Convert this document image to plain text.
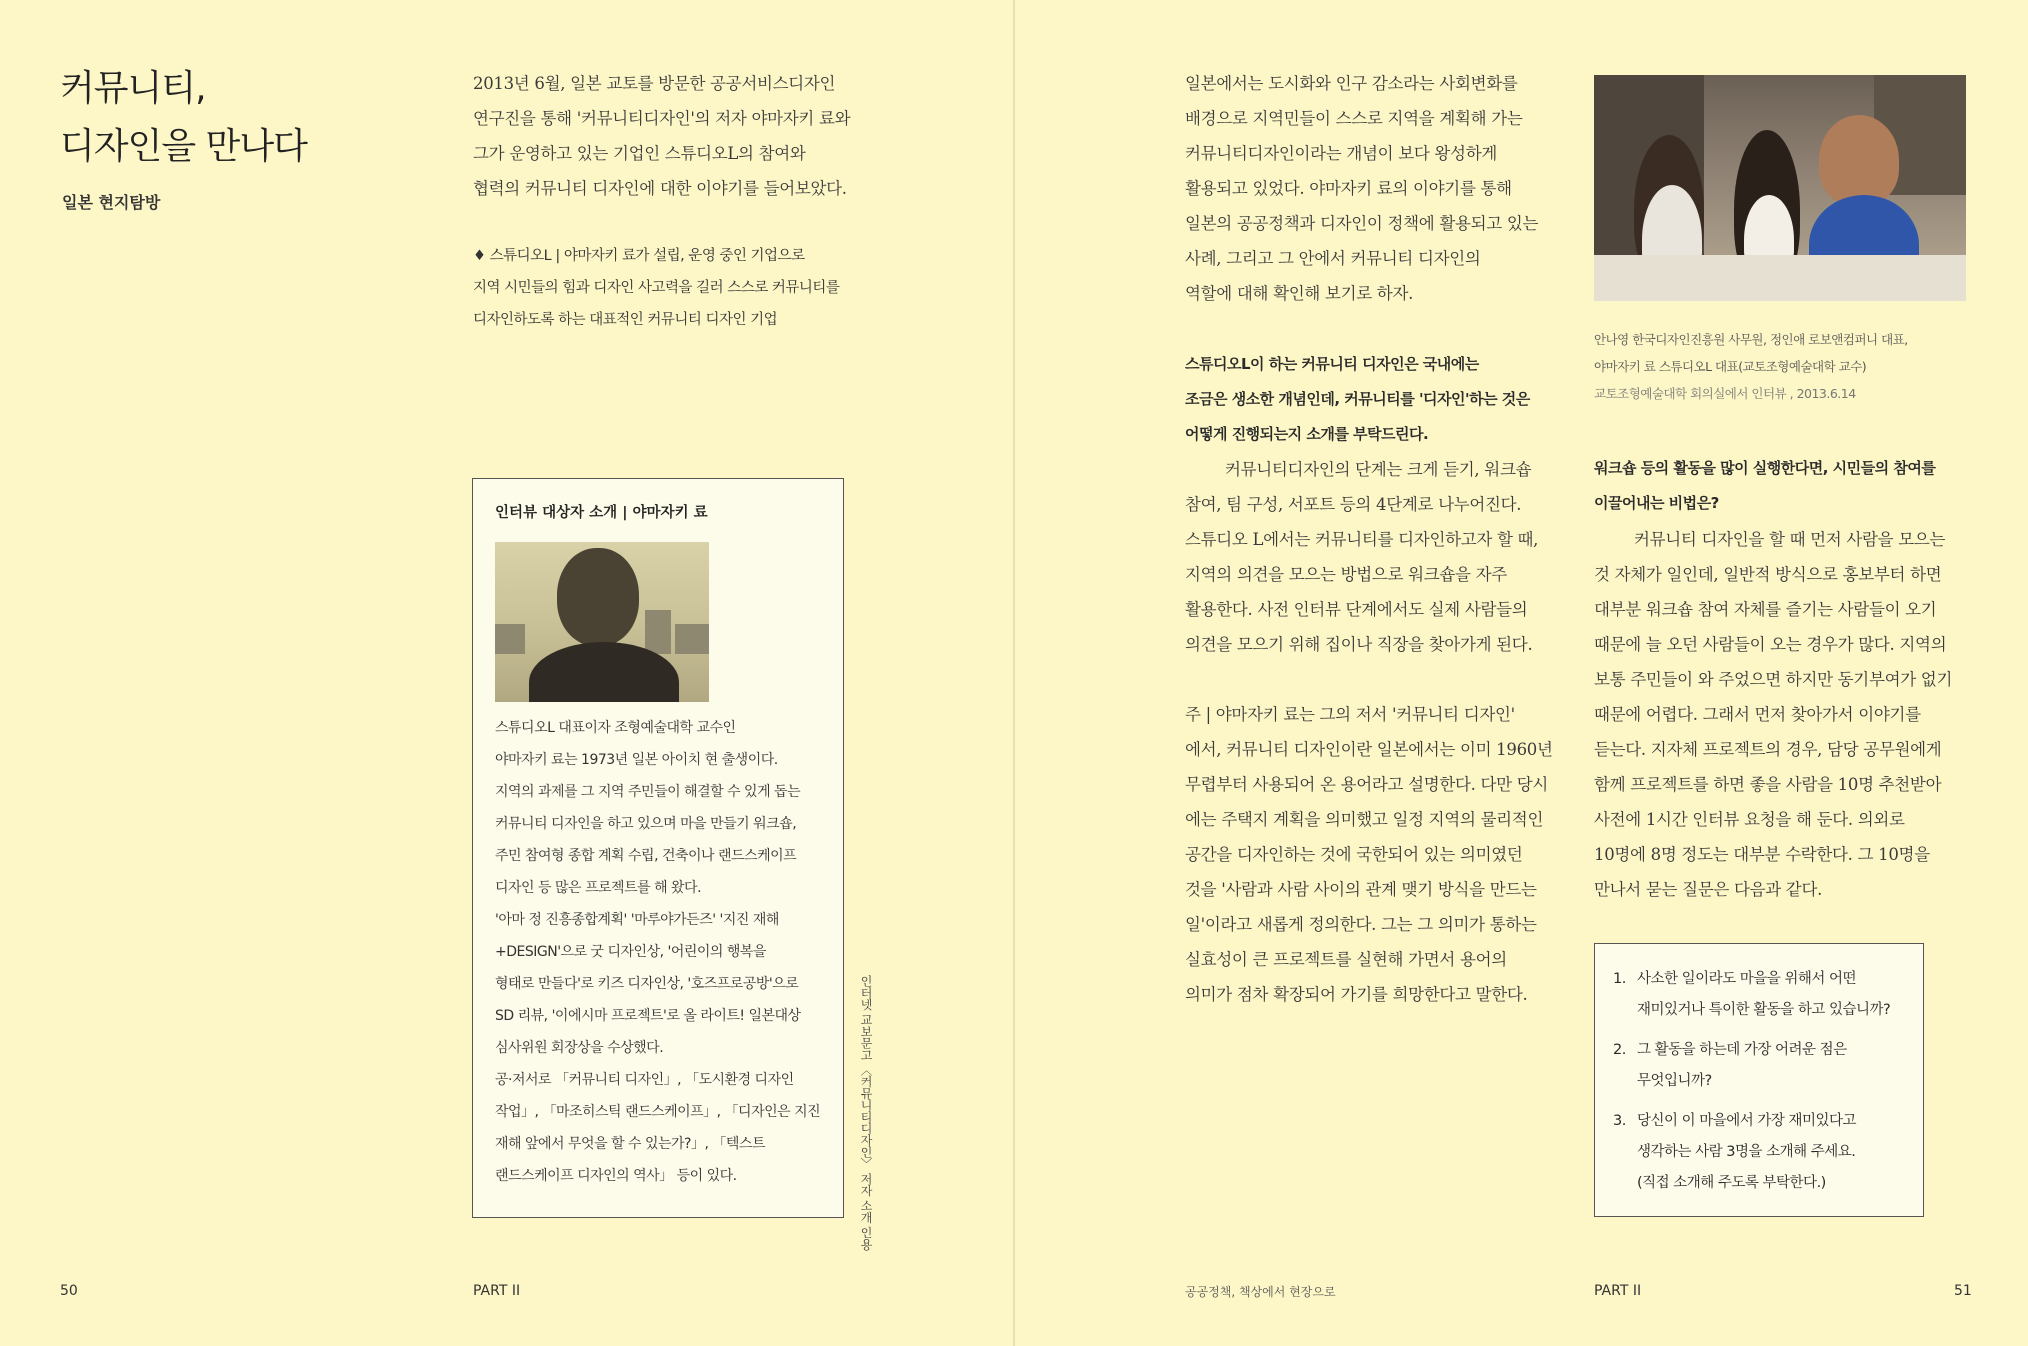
커뮤니티,
디자인을 만나다
일본 현지탐방
2013년 6월, 일본 교토를 방문한 공공서비스디자인
연구진을 통해 '커뮤니티디자인'의 저자 야마자키 료와
그가 운영하고 있는 기업인 스튜디오L의 참여와
협력의 커뮤니티 디자인에 대한 이야기를 들어보았다.
♦ 스튜디오L | 야마자키 료가 설립, 운영 중인 기업으로
지역 시민들의 힘과 디자인 사고력을 길러 스스로 커뮤니티를
디자인하도록 하는 대표적인 커뮤니티 디자인 기업
인터뷰 대상자 소개 | 야마자키 료
스튜디오L 대표이자 조형예술대학 교수인
야마자키 료는 1973년 일본 아이치 현 출생이다.
지역의 과제를 그 지역 주민들이 해결할 수 있게 돕는
커뮤니티 디자인을 하고 있으며 마을 만들기 워크숍,
주민 참여형 종합 계획 수립, 건축이나 랜드스케이프
디자인 등 많은 프로젝트를 해 왔다.
'아마 정 진흥종합계획' '마루야가든즈' '지진 재해
+DESIGN'으로 굿 디자인상, '어린이의 행복을
형태로 만들다'로 키즈 디자인상, '호즈프로공방'으로
SD 리뷰, '이에시마 프로젝트'로 올 라이트! 일본대상
심사위원 회장상을 수상했다.
공·저서로 「커뮤니티 디자인」, 「도시환경 디자인
작업」, 「마조히스틱 랜드스케이프」, 「디자인은 지진
재해 앞에서 무엇을 할 수 있는가?」, 「텍스트
랜드스케이프 디자인의 역사」 등이 있다.	인터넷 교보문고 〈커뮤니티디자인〉 저자 소개 인용
50	PART II
일본에서는 도시화와 인구 감소라는 사회변화를
배경으로 지역민들이 스스로 지역을 계획해 가는
커뮤니티디자인이라는 개념이 보다 왕성하게
활용되고 있었다. 야마자키 료의 이야기를 통해
일본의 공공정책과 디자인이 정책에 활용되고 있는
사례, 그리고 그 안에서 커뮤니티 디자인의
역할에 대해 확인해 보기로 하자.
스튜디오L이 하는 커뮤니티 디자인은 국내에는
조금은 생소한 개념인데, 커뮤니티를 '디자인'하는 것은
어떻게 진행되는지 소개를 부탁드린다.
커뮤니티디자인의 단계는 크게 듣기, 워크숍
참여, 팀 구성, 서포트 등의 4단계로 나누어진다.
스튜디오 L에서는 커뮤니티를 디자인하고자 할 때,
지역의 의견을 모으는 방법으로 워크숍을 자주
활용한다. 사전 인터뷰 단계에서도 실제 사람들의
의견을 모으기 위해 집이나 직장을 찾아가게 된다.
주 | 야마자키 료는 그의 저서 '커뮤니티 디자인'
에서, 커뮤니티 디자인이란 일본에서는 이미 1960년
무렵부터 사용되어 온 용어라고 설명한다. 다만 당시
에는 주택지 계획을 의미했고 일정 지역의 물리적인
공간을 디자인하는 것에 국한되어 있는 의미였던
것을 '사람과 사람 사이의 관계 맺기 방식을 만드는
일'이라고 새롭게 정의한다. 그는 그 의미가 통하는
실효성이 큰 프로젝트를 실현해 가면서 용어의
의미가 점차 확장되어 가기를 희망한다고 말한다.
안나영 한국디자인진흥원 사무원, 정인애 로보앤컴퍼니 대표,
야마자키 료 스튜디오L 대표(교토조형예술대학 교수)
교토조형예술대학 회의실에서 인터뷰 , 2013.6.14
워크숍 등의 활동을 많이 실행한다면, 시민들의 참여를
이끌어내는 비법은?
커뮤니티 디자인을 할 때 먼저 사람을 모으는
것 자체가 일인데, 일반적 방식으로 홍보부터 하면
대부분 워크숍 참여 자체를 즐기는 사람들이 오기
때문에 늘 오던 사람들이 오는 경우가 많다. 지역의
보통 주민들이 와 주었으면 하지만 동기부여가 없기
때문에 어렵다. 그래서 먼저 찾아가서 이야기를
듣는다. 지자체 프로젝트의 경우, 담당 공무원에게
함께 프로젝트를 하면 좋을 사람을 10명 추천받아
사전에 1시간 인터뷰 요청을 해 둔다. 의외로
10명에 8명 정도는 대부분 수락한다. 그 10명을
만나서 묻는 질문은 다음과 같다.
1. 사소한 일이라도 마을을 위해서 어떤
재미있거나 특이한 활동을 하고 있습니까?
2. 그 활동을 하는데 가장 어려운 점은
무엇입니까?
3. 당신이 이 마을에서 가장 재미있다고
생각하는 사람 3명을 소개해 주세요.
(직접 소개해 주도록 부탁한다.)
공공정책, 책상에서 현장으로	PART II	51
